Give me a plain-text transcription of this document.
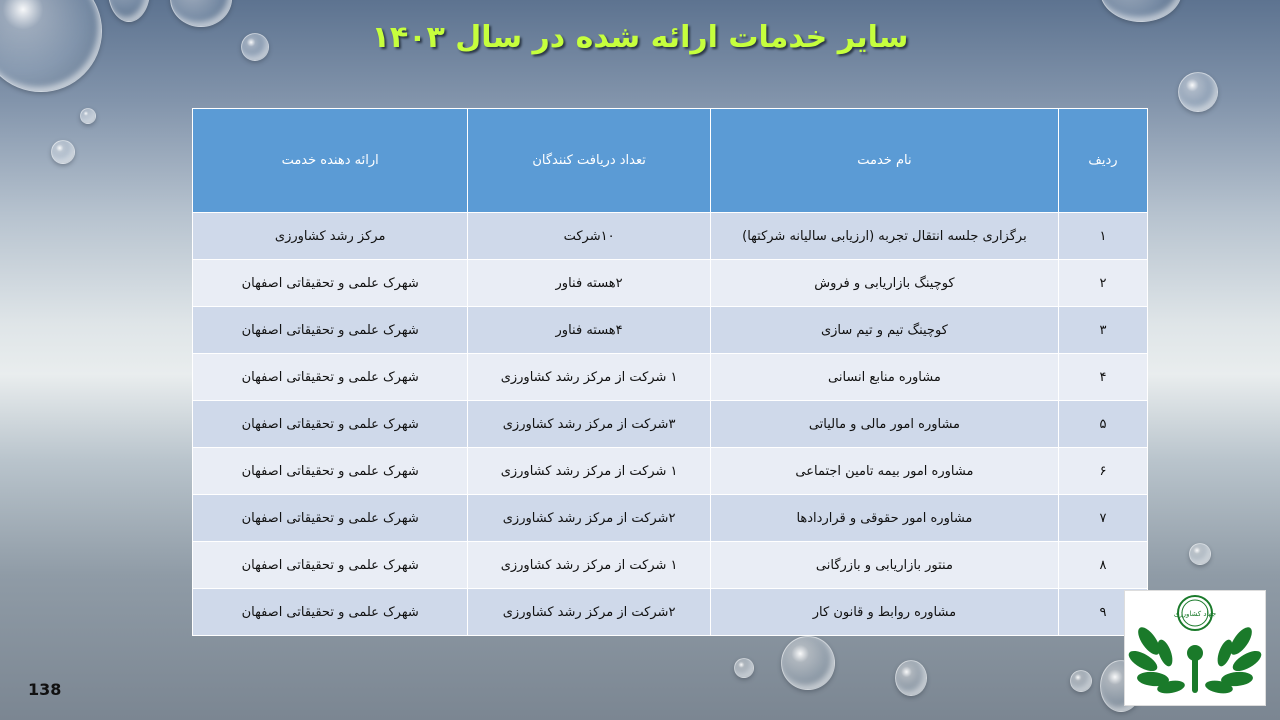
سایر خدمات ارائه شده در سال ۱۴۰۳
ردیف	نام خدمت	تعداد دریافت کنندگان	ارائه دهنده خدمت
۱	برگزاری جلسه انتقال تجربه (ارزیابی سالیانه شرکتها)	۱۰شرکت	مرکز رشد کشاورزی
۲	کوچینگ بازاریابی و فروش	۲هسته فناور	شهرک علمی و تحقیقاتی اصفهان
۳	کوچینگ تیم و تیم سازی	۴هسته فناور	شهرک علمی و تحقیقاتی اصفهان
۴	مشاوره منابع انسانی	۱ شرکت از مرکز رشد کشاورزی	شهرک علمی و تحقیقاتی اصفهان
۵	مشاوره امور مالی و مالیاتی	۳شرکت از مرکز رشد کشاورزی	شهرک علمی و تحقیقاتی اصفهان
۶	مشاوره امور بیمه تامین اجتماعی	۱ شرکت از مرکز رشد کشاورزی	شهرک علمی و تحقیقاتی اصفهان
۷	مشاوره امور حقوقی و قراردادها	۲شرکت از مرکز رشد کشاورزی	شهرک علمی و تحقیقاتی اصفهان
۸	منتور بازاریابی و بازرگانی	۱ شرکت از مرکز رشد کشاورزی	شهرک علمی و تحقیقاتی اصفهان
۹	مشاوره روابط و قانون کار	۲شرکت از مرکز رشد کشاورزی	شهرک علمی و تحقیقاتی اصفهان
138
جهاد کشاورزی
